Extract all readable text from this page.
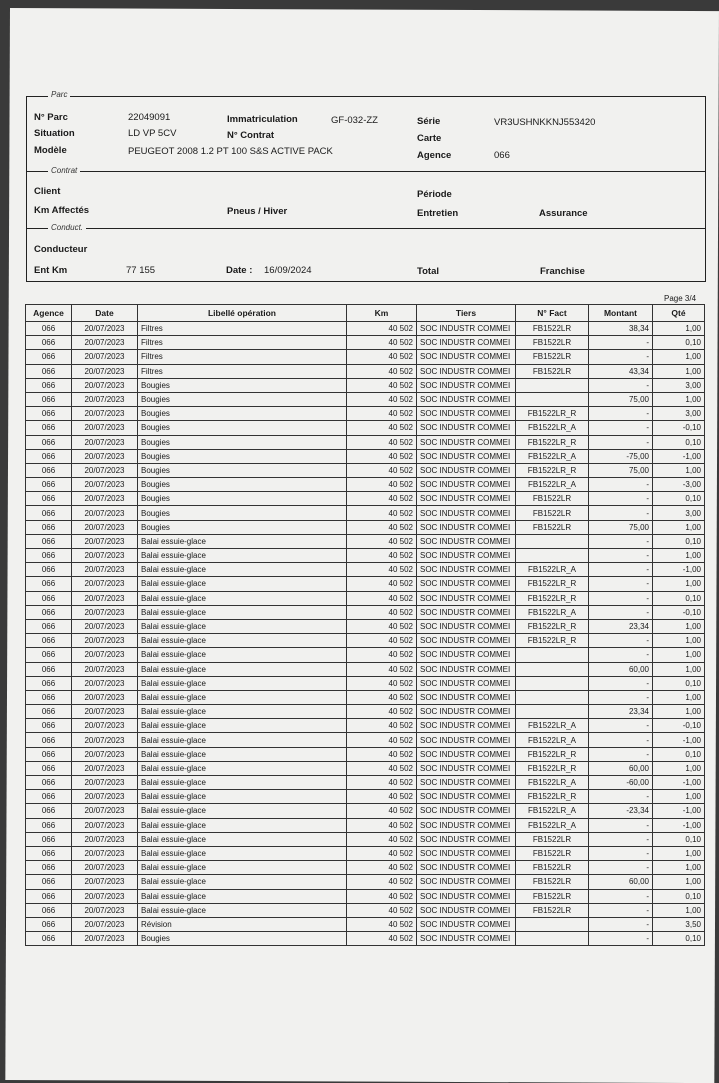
Parc
N° Parc	22049091	Immatriculation	GF-032-ZZ	Série	VR3USHNKKNJ553420
Situation	LD VP 5CV	N° Contrat	Carte
Modèle	PEUGEOT 2008 1.2 PT 100 S&S ACTIVE PACK	Agence	066
Contrat
Client	Période
Km Affectés	Pneus / Hiver	Entretien	Assurance
Conduct.
Conducteur
Ent Km	77 155	Date : 16/09/2024	Total	Franchise
Page 3/4
Agence	Date	Libellé opération	Km	Tiers	N° Fact	Montant	Qté
066	20/07/2023	Filtres	40 502	SOC INDUSTR COMMEI	FB1522LR	38,34	1,00
066	20/07/2023	Filtres	40 502	SOC INDUSTR COMMEI	FB1522LR	-	0,10
066	20/07/2023	Filtres	40 502	SOC INDUSTR COMMEI	FB1522LR	-	1,00
066	20/07/2023	Filtres	40 502	SOC INDUSTR COMMEI	FB1522LR	43,34	1,00
066	20/07/2023	Bougies	40 502	SOC INDUSTR COMMEI		-	3,00
066	20/07/2023	Bougies	40 502	SOC INDUSTR COMMEI		75,00	1,00
066	20/07/2023	Bougies	40 502	SOC INDUSTR COMMEI	FB1522LR_R	-	3,00
066	20/07/2023	Bougies	40 502	SOC INDUSTR COMMEI	FB1522LR_A	-	-0,10
066	20/07/2023	Bougies	40 502	SOC INDUSTR COMMEI	FB1522LR_R	-	0,10
066	20/07/2023	Bougies	40 502	SOC INDUSTR COMMEI	FB1522LR_A	-75,00	-1,00
066	20/07/2023	Bougies	40 502	SOC INDUSTR COMMEI	FB1522LR_R	75,00	1,00
066	20/07/2023	Bougies	40 502	SOC INDUSTR COMMEI	FB1522LR_A	-	-3,00
066	20/07/2023	Bougies	40 502	SOC INDUSTR COMMEI	FB1522LR	-	0,10
066	20/07/2023	Bougies	40 502	SOC INDUSTR COMMEI	FB1522LR	-	3,00
066	20/07/2023	Bougies	40 502	SOC INDUSTR COMMEI	FB1522LR	75,00	1,00
066	20/07/2023	Balai essuie-glace	40 502	SOC INDUSTR COMMEI		-	0,10
066	20/07/2023	Balai essuie-glace	40 502	SOC INDUSTR COMMEI		-	1,00
066	20/07/2023	Balai essuie-glace	40 502	SOC INDUSTR COMMEI	FB1522LR_A	-	-1,00
066	20/07/2023	Balai essuie-glace	40 502	SOC INDUSTR COMMEI	FB1522LR_R	-	1,00
066	20/07/2023	Balai essuie-glace	40 502	SOC INDUSTR COMMEI	FB1522LR_R	-	0,10
066	20/07/2023	Balai essuie-glace	40 502	SOC INDUSTR COMMEI	FB1522LR_A	-	-0,10
066	20/07/2023	Balai essuie-glace	40 502	SOC INDUSTR COMMEI	FB1522LR_R	23,34	1,00
066	20/07/2023	Balai essuie-glace	40 502	SOC INDUSTR COMMEI	FB1522LR_R	-	1,00
066	20/07/2023	Balai essuie-glace	40 502	SOC INDUSTR COMMEI		-	1,00
066	20/07/2023	Balai essuie-glace	40 502	SOC INDUSTR COMMEI		60,00	1,00
066	20/07/2023	Balai essuie-glace	40 502	SOC INDUSTR COMMEI		-	0,10
066	20/07/2023	Balai essuie-glace	40 502	SOC INDUSTR COMMEI		-	1,00
066	20/07/2023	Balai essuie-glace	40 502	SOC INDUSTR COMMEI		23,34	1,00
066	20/07/2023	Balai essuie-glace	40 502	SOC INDUSTR COMMEI	FB1522LR_A	-	-0,10
066	20/07/2023	Balai essuie-glace	40 502	SOC INDUSTR COMMEI	FB1522LR_A	-	-1,00
066	20/07/2023	Balai essuie-glace	40 502	SOC INDUSTR COMMEI	FB1522LR_R	-	0,10
066	20/07/2023	Balai essuie-glace	40 502	SOC INDUSTR COMMEI	FB1522LR_R	60,00	1,00
066	20/07/2023	Balai essuie-glace	40 502	SOC INDUSTR COMMEI	FB1522LR_A	-60,00	-1,00
066	20/07/2023	Balai essuie-glace	40 502	SOC INDUSTR COMMEI	FB1522LR_R	-	1,00
066	20/07/2023	Balai essuie-glace	40 502	SOC INDUSTR COMMEI	FB1522LR_A	-23,34	-1,00
066	20/07/2023	Balai essuie-glace	40 502	SOC INDUSTR COMMEI	FB1522LR_A	-	-1,00
066	20/07/2023	Balai essuie-glace	40 502	SOC INDUSTR COMMEI	FB1522LR	-	0,10
066	20/07/2023	Balai essuie-glace	40 502	SOC INDUSTR COMMEI	FB1522LR	-	1,00
066	20/07/2023	Balai essuie-glace	40 502	SOC INDUSTR COMMEI	FB1522LR	-	1,00
066	20/07/2023	Balai essuie-glace	40 502	SOC INDUSTR COMMEI	FB1522LR	60,00	1,00
066	20/07/2023	Balai essuie-glace	40 502	SOC INDUSTR COMMEI	FB1522LR	-	0,10
066	20/07/2023	Balai essuie-glace	40 502	SOC INDUSTR COMMEI	FB1522LR	-	1,00
066	20/07/2023	Révision	40 502	SOC INDUSTR COMMEI		-	3,50
066	20/07/2023	Bougies	40 502	SOC INDUSTR COMMEI		-	0,10
